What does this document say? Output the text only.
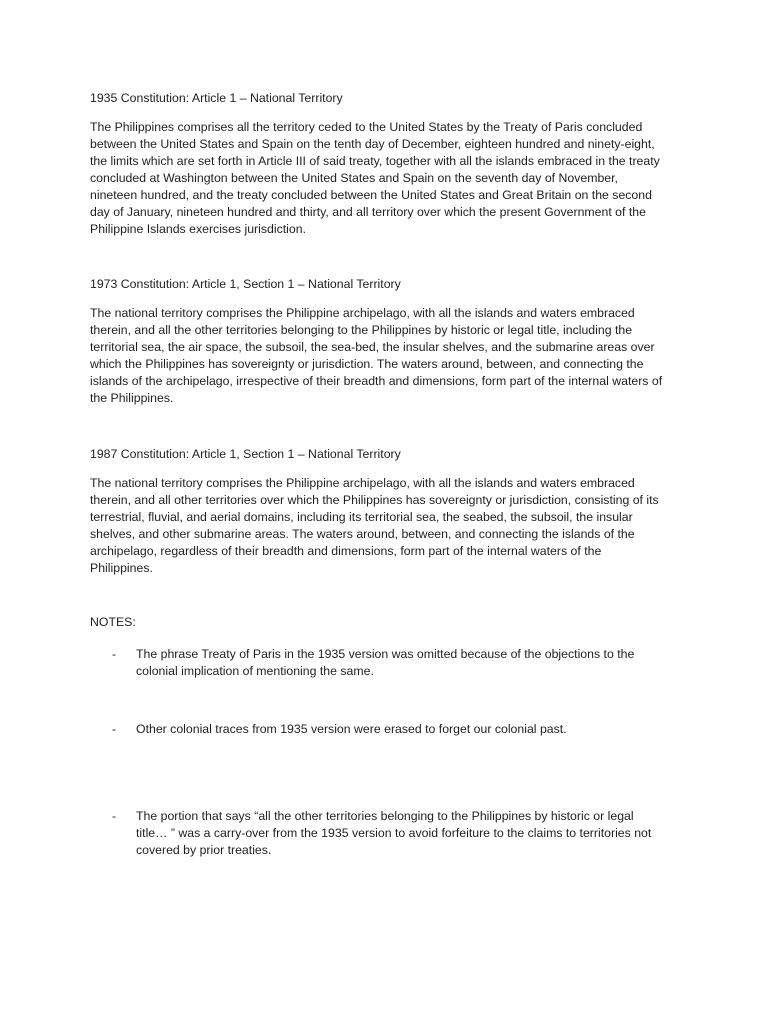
1935 Constitution: Article 1 – National Territory
The Philippines comprises all the territory ceded to the United States by the Treaty of Paris concluded
between the United States and Spain on the tenth day of December, eighteen hundred and ninety-eight,
the limits which are set forth in Article III of said treaty, together with all the islands embraced in the treaty
concluded at Washington between the United States and Spain on the seventh day of November,
nineteen hundred, and the treaty concluded between the United States and Great Britain on the second
day of January, nineteen hundred and thirty, and all territory over which the present Government of the
Philippine Islands exercises jurisdiction.
1973 Constitution: Article 1, Section 1 – National Territory
The national territory comprises the Philippine archipelago, with all the islands and waters embraced
therein, and all the other territories belonging to the Philippines by historic or legal title, including the
territorial sea, the air space, the subsoil, the sea-bed, the insular shelves, and the submarine areas over
which the Philippines has sovereignty or jurisdiction. The waters around, between, and connecting the
islands of the archipelago, irrespective of their breadth and dimensions, form part of the internal waters of
the Philippines.
1987 Constitution: Article 1, Section 1 – National Territory
The national territory comprises the Philippine archipelago, with all the islands and waters embraced
therein, and all other territories over which the Philippines has sovereignty or jurisdiction, consisting of its
terrestrial, fluvial, and aerial domains, including its territorial sea, the seabed, the subsoil, the insular
shelves, and other submarine areas. The waters around, between, and connecting the islands of the
archipelago, regardless of their breadth and dimensions, form part of the internal waters of the
Philippines.
NOTES:
- The phrase Treaty of Paris in the 1935 version was omitted because of the objections to the
colonial implication of mentioning the same.
- Other colonial traces from 1935 version were erased to forget our colonial past.
- The portion that says “all the other territories belonging to the Philippines by historic or legal
title… ” was a carry-over from the 1935 version to avoid forfeiture to the claims to territories not
covered by prior treaties.
